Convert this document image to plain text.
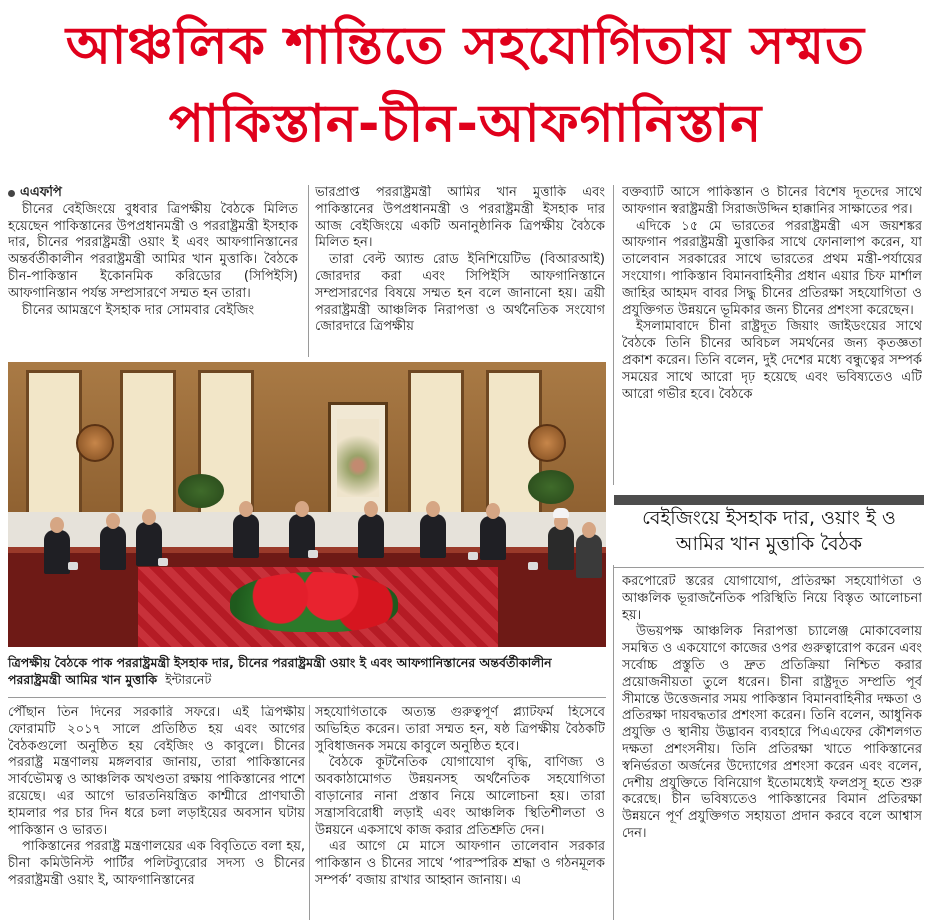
আঞ্চলিক শান্তিতে সহযোগিতায় সম্মত
পাকিস্তান-চীন-আফগানিস্তান
এএফপি

চীনের বেইজিংয়ে বুধবার ত্রিপক্ষীয় বৈঠকে মিলিত হয়েছেন পাকিস্তানের উপপ্রধানমন্ত্রী ও পররাষ্ট্রমন্ত্রী ইসহাক দার, চীনের পররাষ্ট্রমন্ত্রী ওয়াং ই এবং আফগানিস্তানের অন্তর্বর্তীকালীন পররাষ্ট্রমন্ত্রী আমির খান মুত্তাকি। বৈঠকে চীন-পাকিস্তান ইকোনমিক করিডোর (সিপিইসি) আফগানিস্তান পর্যন্ত সম্প্রসারণে সম্মত হন তারা।

চীনের আমন্ত্রণে ইসহাক দার সোমবার বেইজিং

ভারপ্রাপ্ত পররাষ্ট্রমন্ত্রী আমির খান মুত্তাকি এবং পাকিস্তানের উপপ্রধানমন্ত্রী ও পররাষ্ট্রমন্ত্রী ইসহাক দার আজ বেইজিংয়ে একটি অনানুষ্ঠানিক ত্রিপক্ষীয় বৈঠকে মিলিত হন।

তারা বেল্ট অ্যান্ড রোড ইনিশিয়েটিভ (বিআরআই) জোরদার করা এবং সিপিইসি আফগানিস্তানে সম্প্রসারণের বিষয়ে সম্মত হন বলে জানানো হয়। ত্রয়ী পররাষ্ট্রমন্ত্রী আঞ্চলিক নিরাপত্তা ও অর্থনৈতিক সংযোগ জোরদারে ত্রিপক্ষীয়

বক্তব্যটি আসে পাকিস্তান ও চীনের বিশেষ দূতদের সাথে আফগান স্বরাষ্ট্রমন্ত্রী সিরাজউদ্দিন হাক্কানির সাক্ষাতের পর।

এদিকে ১৫ মে ভারতের পররাষ্ট্রমন্ত্রী এস জয়শঙ্কর আফগান পররাষ্ট্রমন্ত্রী মুত্তাকির সাথে ফোনালাপ করেন, যা তালেবান সরকারের সাথে ভারতের প্রথম মন্ত্রী-পর্যায়ের সংযোগ। পাকিস্তান বিমানবাহিনীর প্রধান এয়ার চিফ মার্শাল জাহির আহমদ বাবর সিদ্ধু চীনের প্রতিরক্ষা সহযোগিতা ও প্রযুক্তিগত উন্নয়নে ভূমিকার জন্য চীনের প্রশংসা করেছেন।

ইসলামাবাদে চীনা রাষ্ট্রদূত জিয়াং জাইডংয়ের সাথে বৈঠকে তিনি চীনের অবিচল সমর্থনের জন্য কৃতজ্ঞতা প্রকাশ করেন। তিনি বলেন, দুই দেশের মধ্যে বন্ধুত্বের সম্পর্ক সময়ের সাথে আরো দৃঢ় হয়েছে এবং ভবিষ্যতেও এটি আরো গভীর হবে। বৈঠকে

ত্রিপক্ষীয় বৈঠকে পাক পররাষ্ট্রমন্ত্রী ইসহাক দার, চীনের পররাষ্ট্রমন্ত্রী ওয়াং ই এবং আফগানিস্তানের অন্তর্বর্তীকালীন পররাষ্ট্রমন্ত্রী আমির খান মুত্তাকি ইন্টারনেট

পৌঁছান তিন দিনের সরকারি সফরে। এই ত্রিপক্ষীয় ফোরামটি ২০১৭ সালে প্রতিষ্ঠিত হয় এবং আগের বৈঠকগুলো অনুষ্ঠিত হয় বেইজিং ও কাবুলে। চীনের পররাষ্ট্র মন্ত্রণালয় মঙ্গলবার জানায়, তারা পাকিস্তানের সার্বভৌমত্ব ও আঞ্চলিক অখণ্ডতা রক্ষায় পাকিস্তানের পাশে রয়েছে। এর আগে ভারতনিয়ন্ত্রিত কাশ্মীরে প্রাণঘাতী হামলার পর চার দিন ধরে চলা লড়াইয়ের অবসান ঘটায় পাকিস্তান ও ভারত।

পাকিস্তানের পররাষ্ট্র মন্ত্রণালয়ের এক বিবৃতিতে বলা হয়, চীনা কমিউনিস্ট পার্টির পলিটব্যুরোর সদস্য ও চীনের পররাষ্ট্রমন্ত্রী ওয়াং ই, আফগানিস্তানের

সহযোগিতাকে অত্যন্ত গুরুত্বপূর্ণ প্ল্যাটফর্ম হিসেবে অভিহিত করেন। তারা সম্মত হন, ষষ্ঠ ত্রিপক্ষীয় বৈঠকটি সুবিধাজনক সময়ে কাবুলে অনুষ্ঠিত হবে।

বৈঠকে কূটনৈতিক যোগাযোগ বৃদ্ধি, বাণিজ্য ও অবকাঠামোগত উন্নয়নসহ অর্থনৈতিক সহযোগিতা বাড়ানোর নানা প্রস্তাব নিয়ে আলোচনা হয়। তারা সন্ত্রাসবিরোধী লড়াই এবং আঞ্চলিক স্থিতিশীলতা ও উন্নয়নে একসাথে কাজ করার প্রতিশ্রুতি দেন।

এর আগে মে মাসে আফগান তালেবান সরকার পাকিস্তান ও চীনের সাথে ‘পারস্পরিক শ্রদ্ধা ও গঠনমূলক সম্পর্ক’ বজায় রাখার আহ্বান জানায়। এ

বেইজিংয়ে ইসহাক দার, ওয়াং ই ও
আমির খান মুত্তাকি বৈঠক

করপোরেট স্তরের যোগাযোগ, প্রতিরক্ষা সহযোগিতা ও আঞ্চলিক ভূরাজনৈতিক পরিস্থিতি নিয়ে বিস্তৃত আলোচনা হয়।

উভয়পক্ষ আঞ্চলিক নিরাপত্তা চ্যালেঞ্জ মোকাবেলায় সমন্বিত ও একযোগে কাজের ওপর গুরুত্বারোপ করেন এবং সর্বোচ্চ প্রস্তুতি ও দ্রুত প্রতিক্রিয়া নিশ্চিত করার প্রয়োজনীয়তা তুলে ধরেন। চীনা রাষ্ট্রদূত সম্প্রতি পূর্ব সীমান্তে উত্তেজনার সময় পাকিস্তান বিমানবাহিনীর দক্ষতা ও প্রতিরক্ষা দায়বদ্ধতার প্রশংসা করেন। তিনি বলেন, আধুনিক প্রযুক্তি ও স্থানীয় উদ্ভাবন ব্যবহারে পিএএফের কৌশলগত দক্ষতা প্রশংসনীয়। তিনি প্রতিরক্ষা খাতে পাকিস্তানের স্বনির্ভরতা অর্জনের উদ্যোগের প্রশংসা করেন এবং বলেন, দেশীয় প্রযুক্তিতে বিনিয়োগ ইতোমধ্যেই ফলপ্রসূ হতে শুরু করেছে। চীন ভবিষ্যতেও পাকিস্তানের বিমান প্রতিরক্ষা উন্নয়নে পূর্ণ প্রযুক্তিগত সহায়তা প্রদান করবে বলে আশ্বাস দেন।
